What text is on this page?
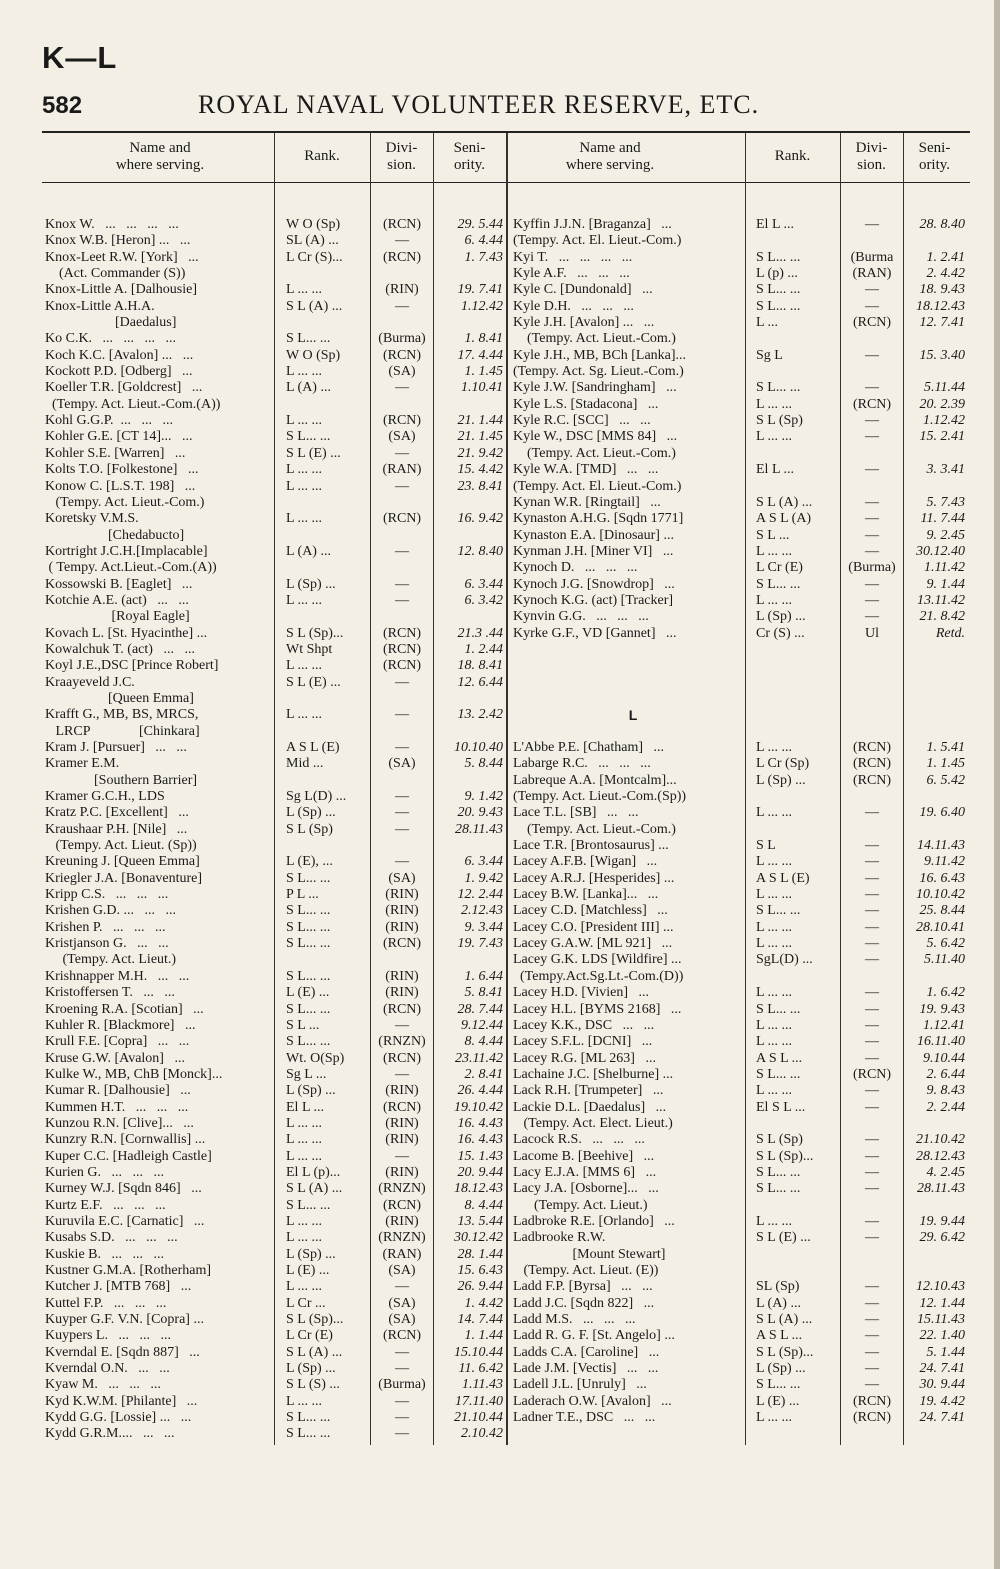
K—L
582	ROYAL NAVAL VOLUNTEER RESERVE, ETC.
Name and
where serving.
Rank.	Divi-
sion.
Seni-
ority.
Name and
where serving.
Rank.	Divi-
sion.
Seni-
ority.
Knox W.   ...   ...   ...   ...	W O (Sp)	(RCN)	29. 5.44
Knox W.B. [Heron] ...   ...	SL (A) ...	—	6. 4.44
Knox-Leet R.W. [York]   ...	L Cr (S)...	(RCN)	1. 7.43
(Act. Commander (S))
Knox-Little A. [Dalhousie]	L ... ...	(RIN)	19. 7.41
Knox-Little A.H.A.	S L (A) ...	—	1.12.42
[Daedalus]
Ko C.K.   ...   ...   ...   ...	S L... ...	(Burma)	1. 8.41
Koch K.C. [Avalon] ...   ...	W O (Sp)	(RCN)	17. 4.44
Kockott P.D. [Odberg]   ...	L ... ...	(SA)	1. 1.45
Koeller T.R. [Goldcrest]   ...	L (A) ...	—	1.10.41
(Tempy. Act. Lieut.-Com.(A))
Kohl G.G.P.  ...   ...   ...	L ... ...	(RCN)	21. 1.44
Kohler G.E. [CT 14]...   ...	S L... ...	(SA)	21. 1.45
Kohler S.E. [Warren]   ...	S L (E) ...	—	21. 9.42
Kolts T.O. [Folkestone]   ...	L ... ...	(RAN)	15. 4.42
Konow C. [L.S.T. 198]   ...	L ... ...	—	23. 8.41
(Tempy. Act. Lieut.-Com.)
Koretsky V.M.S.	L ... ...	(RCN)	16. 9.42
[Chedabucto]
Kortright J.C.H.[Implacable]	L (A) ...	—	12. 8.40
( Tempy. Act.Lieut.-Com.(A))
Kossowski B. [Eaglet]   ...	L (Sp) ...	—	6. 3.44
Kotchie A.E. (act)   ...   ...	L ... ...	—	6. 3.42
[Royal Eagle]
Kovach L. [St. Hyacinthe] ...	S L (Sp)...	(RCN)	21.3 .44
Kowalchuk T. (act)   ...   ...	Wt Shpt	(RCN)	1. 2.44
Koyl J.E.,DSC [Prince Robert]	L ... ...	(RCN)	18. 8.41
Kraayeveld J.C.	S L (E) ...	—	12. 6.44
[Queen Emma]
Krafft G., MB, BS, MRCS,	L ... ...	—	13. 2.42
LRCP              [Chinkara]
Kram J. [Pursuer]   ...   ...	A S L (E)	—	10.10.40
Kramer E.M.	Mid ...	(SA)	5. 8.44
[Southern Barrier]
Kramer G.C.H., LDS	Sg L(D) ...	—	9. 1.42
Kratz P.C. [Excellent]   ...	L (Sp) ...	—	20. 9.43
Kraushaar P.H. [Nile]   ...	S L (Sp)	—	28.11.43
(Tempy. Act. Lieut. (Sp))
Kreuning J. [Queen Emma]	L (E), ...	—	6. 3.44
Kriegler J.A. [Bonaventure]	S L... ...	(SA)	1. 9.42
Kripp C.S.   ...   ...   ...	P L ...	(RIN)	12. 2.44
Krishen G.D. ...   ...   ...	S L... ...	(RIN)	2.12.43
Krishen P.   ...   ...   ...	S L... ...	(RIN)	9. 3.44
Kristjanson G.   ...   ...	S L... ...	(RCN)	19. 7.43
(Tempy. Act. Lieut.)
Krishnapper M.H.   ...   ...	S L... ...	(RIN)	1. 6.44
Kristoffersen T.   ...   ...	L (E) ...	(RIN)	5. 8.41
Kroening R.A. [Scotian]   ...	S L... ...	(RCN)	28. 7.44
Kuhler R. [Blackmore]   ...	S L ...	—	9.12.44
Krull F.E. [Copra]   ...   ...	S L... ...	(RNZN)	8. 4.44
Kruse G.W. [Avalon]   ...	Wt. O(Sp)	(RCN)	23.11.42
Kulke W., MB, ChB [Monck]...	Sg L ...	—	2. 8.41
Kumar R. [Dalhousie]   ...	L (Sp) ...	(RIN)	26. 4.44
Kummen H.T.   ...   ...   ...	El L ...	(RCN)	19.10.42
Kunzou R.N. [Clive]...   ...	L ... ...	(RIN)	16. 4.43
Kunzry R.N. [Cornwallis] ...	L ... ...	(RIN)	16. 4.43
Kuper C.C. [Hadleigh Castle]	L ... ...	—	15. 1.43
Kurien G.   ...   ...   ...	El L (p)...	(RIN)	20. 9.44
Kurney W.J. [Sqdn 846]   ...	S L (A) ...	(RNZN)	18.12.43
Kurtz E.F.   ...   ...   ...	S L... ...	(RCN)	8. 4.44
Kuruvila E.C. [Carnatic]   ...	L ... ...	(RIN)	13. 5.44
Kusabs S.D.   ...   ...   ...	L ... ...	(RNZN)	30.12.42
Kuskie B.   ...   ...   ...	L (Sp) ...	(RAN)	28. 1.44
Kustner G.M.A. [Rotherham]	L (E) ...	(SA)	15. 6.43
Kutcher J. [MTB 768]   ...	L ... ...	—	26. 9.44
Kuttel F.P.   ...   ...   ...	L Cr ...	(SA)	1. 4.42
Kuyper G.F. V.N. [Copra] ...	S L (Sp)...	(SA)	14. 7.44
Kuypers L.   ...   ...   ...	L Cr (E)	(RCN)	1. 1.44
Kverndal E. [Sqdn 887]   ...	S L (A) ...	—	15.10.44
Kverndal O.N.   ...   ...	L (Sp) ...	—	11. 6.42
Kyaw M.   ...   ...   ...	S L (S) ...	(Burma)	1.11.43
Kyd K.W.M. [Philante]   ...	L ... ...	—	17.11.40
Kydd G.G. [Lossie] ...   ...	S L... ...	—	21.10.44
Kydd G.R.M....   ...   ...	S L... ...	—	2.10.42
Kyffin J.J.N. [Braganza]   ...	El L ...	—	28. 8.40
(Tempy. Act. El. Lieut.-Com.)
Kyi T.   ...   ...   ...   ...	S L... ...	(Burma	1. 2.41
Kyle A.F.   ...   ...   ...	L (p) ...	(RAN)	2. 4.42
Kyle C. [Dundonald]   ...	S L... ...	—	18. 9.43
Kyle D.H.   ...   ...   ...	S L... ...	—	18.12.43
Kyle J.H. [Avalon] ...   ...	L ...	(RCN)	12. 7.41
(Tempy. Act. Lieut.-Com.)
Kyle J.H., MB, BCh [Lanka]...	Sg L	—	15. 3.40
(Tempy. Act. Sg. Lieut.-Com.)
Kyle J.W. [Sandringham]   ...	S L... ...	—	5.11.44
Kyle L.S. [Stadacona]   ...	L ... ...	(RCN)	20. 2.39
Kyle R.C. [SCC]   ...   ...	S L (Sp)	—	1.12.42
Kyle W., DSC [MMS 84]   ...	L ... ...	—	15. 2.41
(Tempy. Act. Lieut.-Com.)
Kyle W.A. [TMD]   ...   ...	El L ...	—	3. 3.41
(Tempy. Act. El. Lieut.-Com.)
Kynan W.R. [Ringtail]   ...	S L (A) ...	—	5. 7.43
Kynaston A.H.G. [Sqdn 1771]	A S L (A)	—	11. 7.44
Kynaston E.A. [Dinosaur] ...	S L ...	—	9. 2.45
Kynman J.H. [Miner VI]   ...	L ... ...	—	30.12.40
Kynoch D.   ...   ...   ...	L Cr (E)	(Burma)	1.11.42
Kynoch J.G. [Snowdrop]   ...	S L... ...	—	9. 1.44
Kynoch K.G. (act) [Tracker]	L ... ...	—	13.11.42
Kynvin G.G.   ...   ...   ...	L (Sp) ...	—	21. 8.42
Kyrke G.F., VD [Gannet]   ...	Cr (S) ...	Ul	Retd.
L
L'Abbe P.E. [Chatham]   ...	L ... ...	(RCN)	1. 5.41
Labarge R.C.   ...   ...   ...	L Cr (Sp)	(RCN)	1. 1.45
Labreque A.A. [Montcalm]...	L (Sp) ...	(RCN)	6. 5.42
(Tempy. Act. Lieut.-Com.(Sp))
Lace T.L. [SB]   ...   ...	L ... ...	—	19. 6.40
(Tempy. Act. Lieut.-Com.)
Lace T.R. [Brontosaurus] ...	S L	—	14.11.43
Lacey A.F.B. [Wigan]   ...	L ... ...	—	9.11.42
Lacey A.R.J. [Hesperides] ...	A S L (E)	—	16. 6.43
Lacey B.W. [Lanka]...   ...	L ... ...	—	10.10.42
Lacey C.D. [Matchless]   ...	S L... ...	—	25. 8.44
Lacey C.O. [President III] ...	L ... ...	—	28.10.41
Lacey G.A.W. [ML 921]   ...	L ... ...	—	5. 6.42
Lacey G.K. LDS [Wildfire] ...	SgL(D) ...	—	5.11.40
(Tempy.Act.Sg.Lt.-Com.(D))
Lacey H.D. [Vivien]   ...	L ... ...	—	1. 6.42
Lacey H.L. [BYMS 2168]   ...	S L... ...	—	19. 9.43
Lacey K.K., DSC   ...   ...	L ... ...	—	1.12.41
Lacey S.F.L. [DCNI]   ...	L ... ...	—	16.11.40
Lacey R.G. [ML 263]   ...	A S L ...	—	9.10.44
Lachaine J.C. [Shelburne] ...	S L... ...	(RCN)	2. 6.44
Lack R.H. [Trumpeter]   ...	L ... ...	—	9. 8.43
Lackie D.L. [Daedalus]   ...	El S L ...	—	2. 2.44
(Tempy. Act. Elect. Lieut.)
Lacock R.S.   ...   ...   ...	S L (Sp)	—	21.10.42
Lacome B. [Beehive]   ...	S L (Sp)...	—	28.12.43
Lacy E.J.A. [MMS 6]   ...	S L... ...	—	4. 2.45
Lacy J.A. [Osborne]...   ...	S L... ...	—	28.11.43
(Tempy. Act. Lieut.)
Ladbroke R.E. [Orlando]   ...	L ... ...	—	19. 9.44
Ladbrooke R.W.	S L (E) ...	—	29. 6.42
[Mount Stewart]
(Tempy. Act. Lieut. (E))
Ladd F.P. [Byrsa]   ...   ...	SL (Sp)	—	12.10.43
Ladd J.C. [Sqdn 822]   ...	L (A) ...	—	12. 1.44
Ladd M.S.   ...   ...   ...	S L (A) ...	—	15.11.43
Ladd R. G. F. [St. Angelo] ...	A S L ...	—	22. 1.40
Ladds C.A. [Caroline]   ...	S L (Sp)...	—	5. 1.44
Lade J.M. [Vectis]   ...   ...	L (Sp) ...	—	24. 7.41
Ladell J.L. [Unruly]   ...	S L... ...	—	30. 9.44
Laderach O.W. [Avalon]   ...	L (E) ...	(RCN)	19. 4.42
Ladner T.E., DSC   ...   ...	L ... ...	(RCN)	24. 7.41
